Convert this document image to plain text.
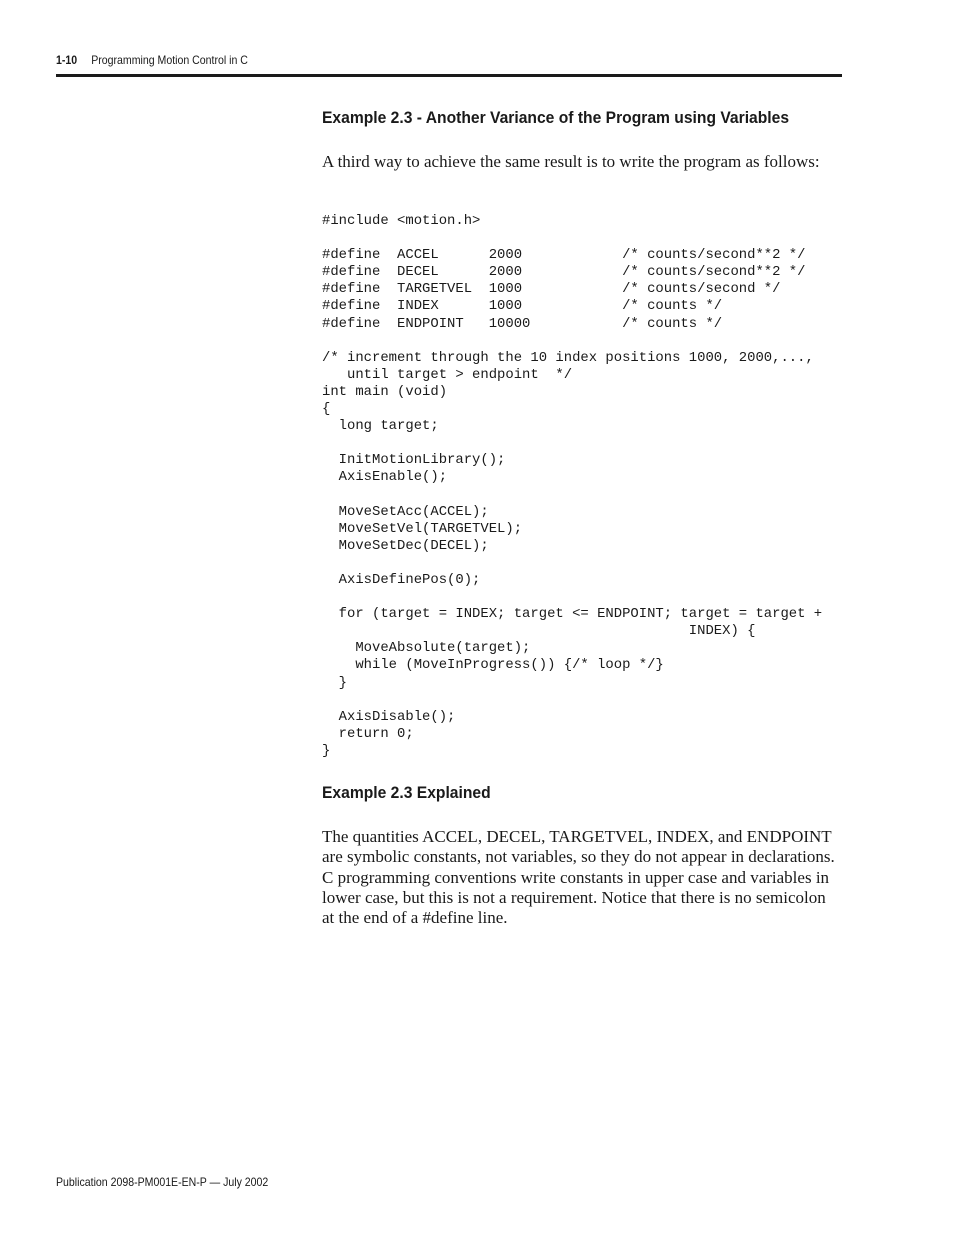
1-10 Programming Motion Control in C
Example 2.3 - Another Variance of the Program using Variables

A third way to achieve the same result is to write the program as follows:

#include <motion.h>

#define  ACCEL      2000            /* counts/second**2 */
#define  DECEL      2000            /* counts/second**2 */
#define  TARGETVEL  1000            /* counts/second */
#define  INDEX      1000            /* counts */
#define  ENDPOINT   10000           /* counts */

/* increment through the 10 index positions 1000, 2000,...,
until target > endpoint  */
int main (void)
{
long target;

InitMotionLibrary();
AxisEnable();

MoveSetAcc(ACCEL);
MoveSetVel(TARGETVEL);
MoveSetDec(DECEL);

AxisDefinePos(0);

for (target = INDEX; target <= ENDPOINT; target = target +
INDEX) {
MoveAbsolute(target);
while (MoveInProgress()) {/* loop */}
}

AxisDisable();
return 0;
}
Example 2.3 Explained

The quantities ACCEL, DECEL, TARGETVEL, INDEX, and ENDPOINT are symbolic constants, not variables, so they do not appear in declarations. C programming conventions write constants in upper case and variables in lower case, but this is not a requirement. Notice that there is no semicolon at the end of a #define line.

Publication 2098-PM001E-EN-P — July 2002
